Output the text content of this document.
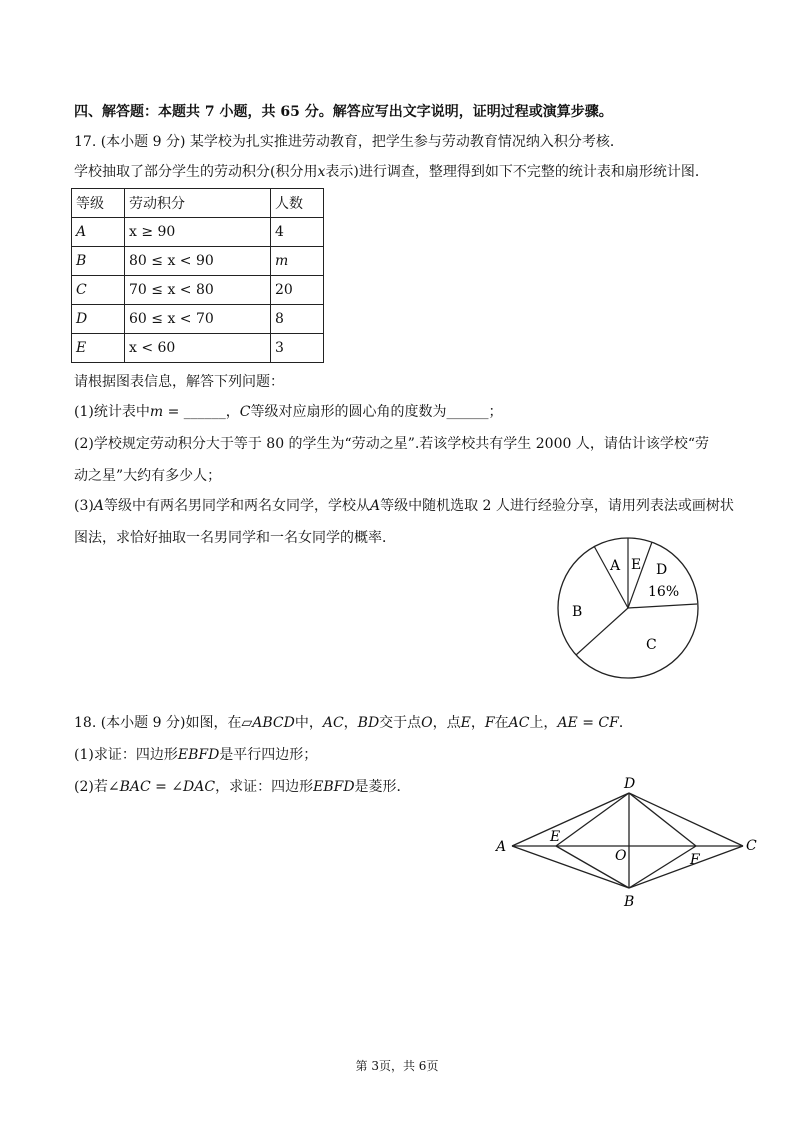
四、解答题：本题共 7 小题，共 65 分。解答应写出文字说明，证明过程或演算步骤。
17. (本小题 9 分) 某学校为扎实推进劳动教育，把学生参与劳动教育情况纳入积分考核．
学校抽取了部分学生的劳动积分(积分用x表示)进行调查，整理得到如下不完整的统计表和扇形统计图．
等级	劳动积分	人数
A	x ≥ 90	4
B	80 ≤ x < 90	m
C	70 ≤ x < 80	20
D	60 ≤ x < 70	8
E	x < 60	3
请根据图表信息，解答下列问题：
(1)统计表中m = ______，C等级对应扇形的圆心角的度数为______；
(2)学校规定劳动积分大于等于 80 的学生为“劳动之星”.若该学校共有学生 2000 人，请估计该学校“劳
动之星”大约有多少人；
(3)A等级中有两名男同学和两名女同学，学校从A等级中随机选取 2 人进行经验分享，请用列表法或画树状
图法，求恰好抽取一名男同学和一名女同学的概率．
A E D
16%
B
C
18. (本小题 9 分)如图，在▱ABCD中，AC，BD交于点O，点E，F在AC上，AE = CF．
(1)求证：四边形EBFD是平行四边形；
(2)若∠BAC = ∠DAC，求证：四边形EBFD是菱形．	D
A
E
O	F
C
B
第 3页，共 6页
